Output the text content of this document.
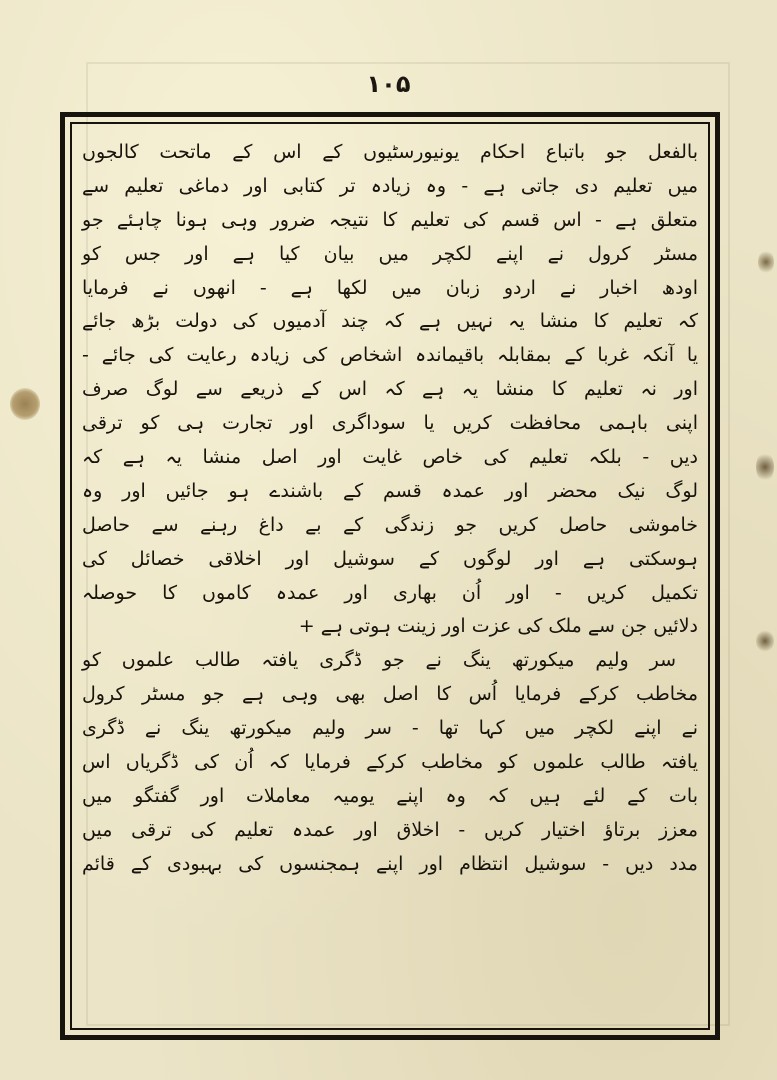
۱۰۵
بالفعل جو باتباع احکام یونیورسٹیوں کے اس کے ماتحت کالجوں
میں تعلیم دی جاتی ہے - وہ زیادہ تر کتابی اور دماغی تعلیم سے
متعلق ہے - اس قسم کی تعلیم کا نتیجہ ضرور وہی ہونا چاہئے جو
مسٹر کرول نے اپنے لکچر میں بیان کیا ہے اور جس کو
اودھ اخبار نے اردو زبان میں لکھا ہے - انھوں نے فرمایا
کہ تعلیم کا منشا یہ نہیں ہے کہ چند آدمیوں کی دولت بڑھ جائے
یا آنکہ غربا کے بمقابلہ باقیماندہ اشخاص کی زیادہ رعایت کی جائے -
اور نہ تعلیم کا منشا یہ ہے کہ اس کے ذریعے سے لوگ صرف
اپنی باہمی محافظت کریں یا سوداگری اور تجارت ہی کو ترقی
دیں - بلکہ تعلیم کی خاص غایت اور اصل منشا یہ ہے کہ
لوگ نیک محضر اور عمدہ قسم کے باشندے ہو جائیں اور وہ
خاموشی حاصل کریں جو زندگی کے بے داغ رہنے سے حاصل
ہوسکتی ہے اور لوگوں کے سوشیل اور اخلاقی خصائل کی
تکمیل کریں - اور اُن بھاری اور عمدہ کاموں کا حوصلہ
دلائیں جن سے ملک کی عزت اور زینت ہوتی ہے +
سر ولیم میکورتھ ینگ نے جو ڈگری یافتہ طالب علموں کو
مخاطب کرکے فرمایا اُس کا اصل بھی وہی ہے جو مسٹر کرول
نے اپنے لکچر میں کہا تھا - سر ولیم میکورتھ ینگ نے ڈگری
یافتہ طالب علموں کو مخاطب کرکے فرمایا کہ اُن کی ڈگریاں اس
بات کے لئے ہیں کہ وہ اپنے یومیہ معاملات اور گفتگو میں
معزز برتاؤ اختیار کریں - اخلاق اور عمدہ تعلیم کی ترقی میں
مدد دیں - سوشیل انتظام اور اپنے ہمجنسوں کی بہبودی کے قائم
